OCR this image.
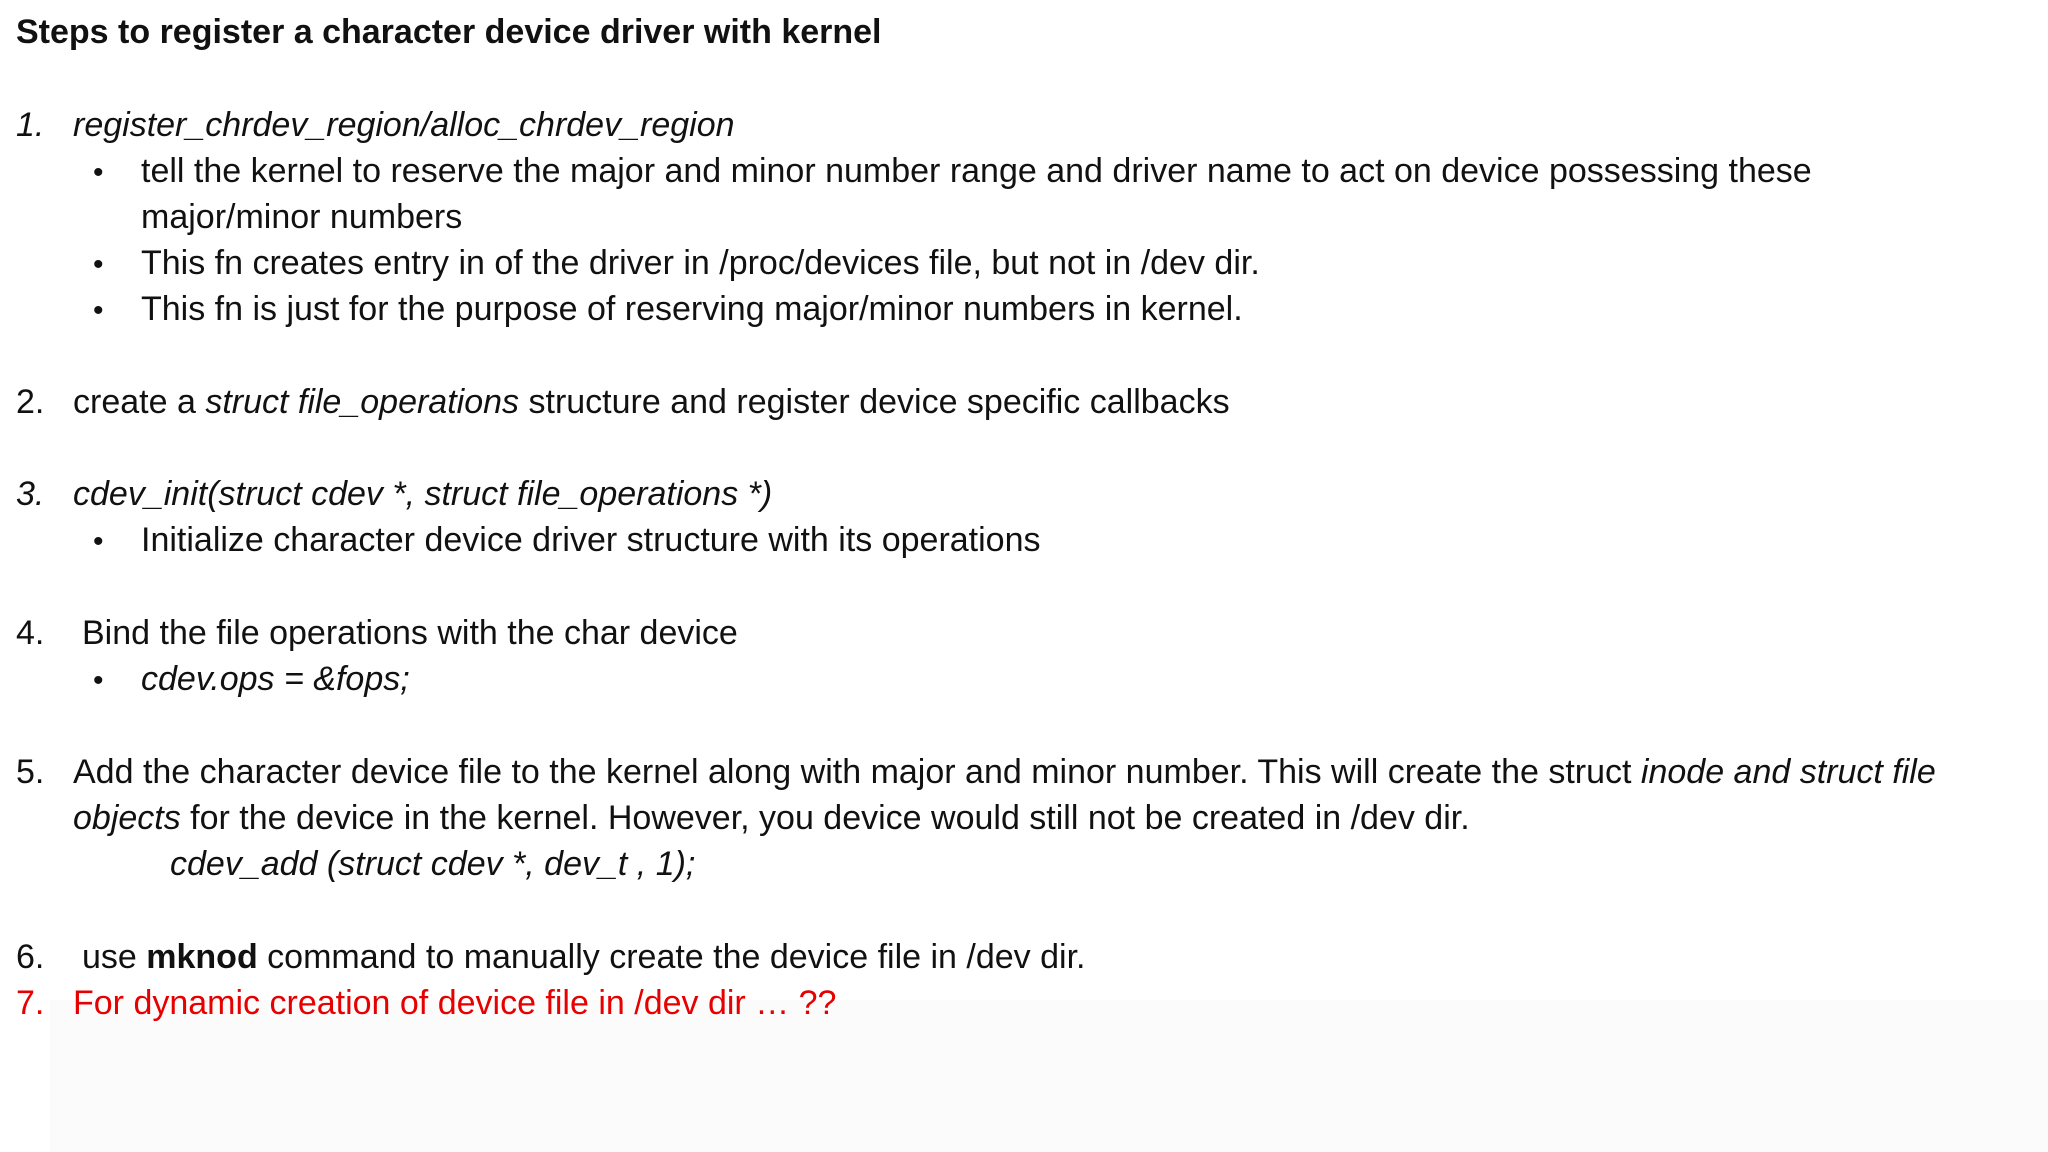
Steps to register a character device driver with kernel
1. register_chrdev_region/alloc_chrdev_region
• tell the kernel to reserve the major and minor number range and driver name to act on device possessing these
major/minor numbers
• This fn creates entry in of the driver in /proc/devices file, but not in /dev dir.
• This fn is just for the purpose of reserving major/minor numbers in kernel.
2. create a struct file_operations structure and register device specific callbacks
3. cdev_init(struct cdev *, struct file_operations *)
• Initialize character device driver structure with its operations
4. Bind the file operations with the char device
• cdev.ops = &fops;
5. Add the character device file to the kernel along with major and minor number. This will create the struct inode and struct file
objects for the device in the kernel. However, you device would still not be created in /dev dir.
cdev_add (struct cdev *, dev_t , 1);
6. use mknod command to manually create the device file in /dev dir.
7. For dynamic creation of device file in /dev dir … ??
